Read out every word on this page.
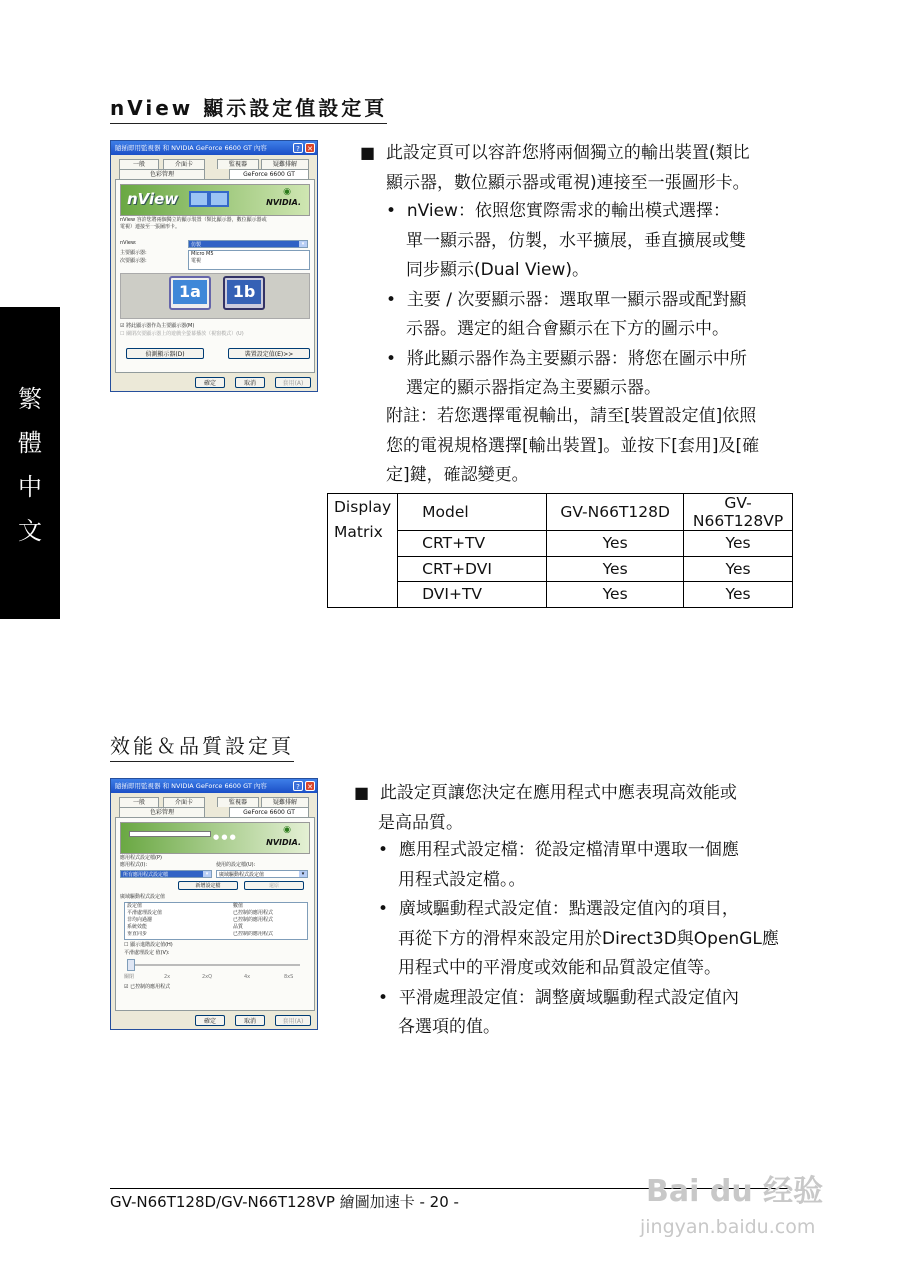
nView 顯示設定值設定頁
效能＆品質設定頁
繁
體
中
文
隨插即用監視器 和 NVIDIA GeForce 6600 GT 內容	?	✕
一般	介面卡	監視器	疑難排解
色彩管理	GeForce 6600 GT
nView	NVIDIA.
◉
nView 容許您將兩個獨立的顯示裝置（類比顯示器，數位顯示器或電視）連接至一張圖形卡。
nView:	仿製	▾
主要顯示器:
次要顯示器:
Micro M5
電視
1a	1b
☑ 將此顯示器作為主要顯示器(M)
☐ 關閉次要顯示器上的遊戲全螢幕播放（視窗模式）(U)
偵測顯示器(D)	裝置設定值(E)>>
確定	取消	套用(A)
■ 此設定頁可以容許您將兩個獨立的輸出裝置(類比
顯示器，數位顯示器或電視)連接至一張圖形卡。
•  nView：依照您實際需求的輸出模式選擇：
單一顯示器，仿製，水平擴展，垂直擴展或雙
同步顯示(Dual View)。
•  主要 / 次要顯示器：選取單一顯示器或配對顯
示器。選定的組合會顯示在下方的圖示中。
•  將此顯示器作為主要顯示器：將您在圖示中所
選定的顯示器指定為主要顯示器。
附註：若您選擇電視輸出，請至[裝置設定值]依照
您的電視規格選擇[輸出裝置]。並按下[套用]及[確
定]鍵，確認變更。
Display
Matrix	Model	GV-N66T128D	GV-N66T128VP
	CRT+TV	Yes	Yes
	CRT+DVI	Yes	Yes
	DVI+TV	Yes	Yes
隨插即用監視器 和 NVIDIA GeForce 6600 GT 內容	?	✕
一般	介面卡	監視器	疑難排解
色彩管理	GeForce 6600 GT
● ● ●
NVIDIA.
◉
應用程式設定檔(P)
應用程式(I):	使用的設定檔(U):
所有應用程式設定檔	▾	廣域驅動程式設定值	▾
新增設定檔	還原
廣域驅動程式設定值
設定值	數值
平滑處理設定值	已控制的應用程式
非均向過濾	已控制的應用程式
系統效能	品質
垂直同步	已控制的應用程式
☐ 顯示進階設定值(H)
平滑處理設定 值(V):
關閉	2x	2xQ	4x	8xS
☑ 已控制的應用程式
確定	取消	套用(A)
■ 此設定頁讓您決定在應用程式中應表現高效能或
是高品質。
•  應用程式設定檔：從設定檔清單中選取一個應
用程式設定檔。。
•  廣域驅動程式設定值：點選設定值內的項目，
再從下方的滑桿來設定用於Direct3D與OpenGL應
用程式中的平滑度或效能和品質設定值等。
•  平滑處理設定值：調整廣域驅動程式設定值內
各選項的值。
GV-N66T128D/GV-N66T128VP 繪圖加速卡 - 20 -	Bai du 经验
jingyan.baidu.com
